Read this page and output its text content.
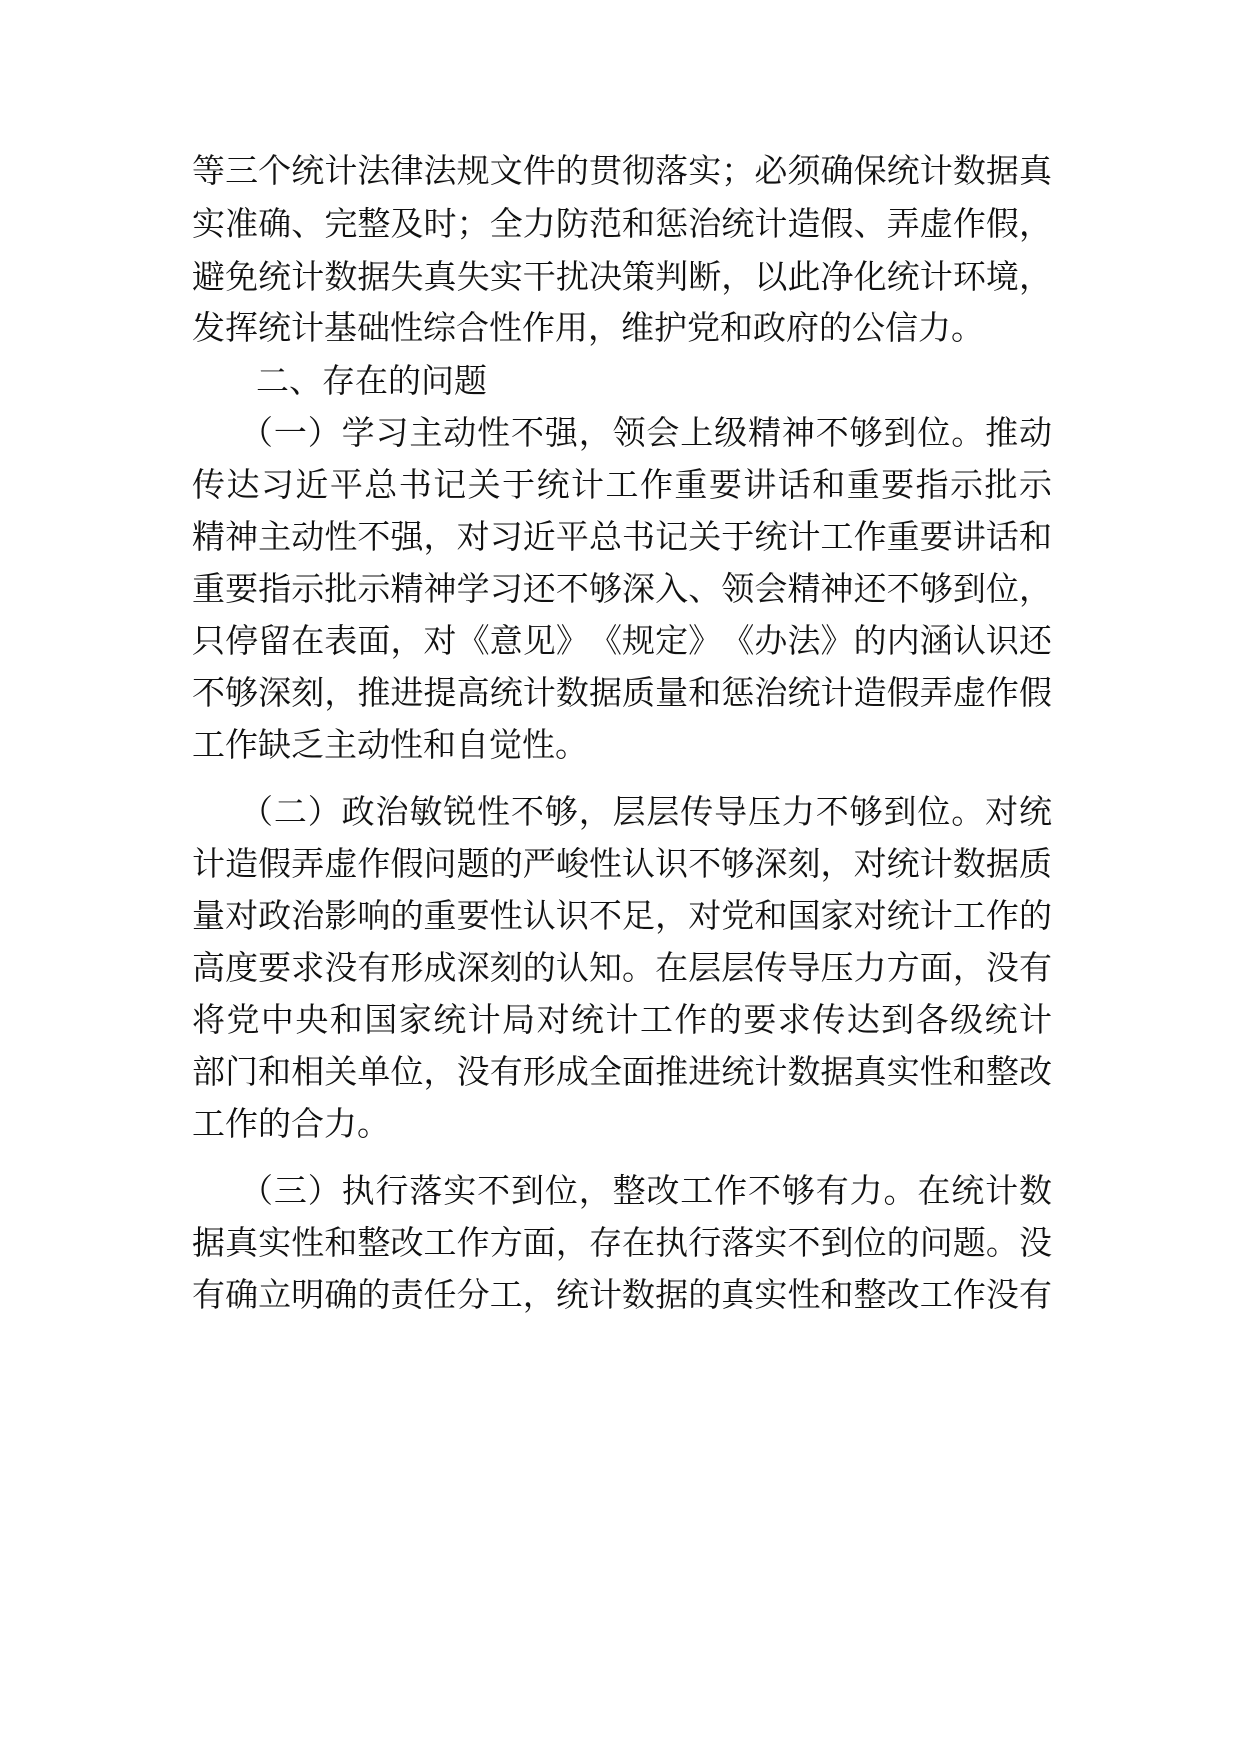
等三个统计法律法规文件的贯彻落实；必须确保统计数据真
实准确、完整及时；全力防范和惩治统计造假、弄虚作假，
避免统计数据失真失实干扰决策判断，以此净化统计环境，
发挥统计基础性综合性作用，维护党和政府的公信力。
二、存在的问题
（一）学习主动性不强，领会上级精神不够到位。推动
传达习近平总书记关于统计工作重要讲话和重要指示批示
精神主动性不强，对习近平总书记关于统计工作重要讲话和
重要指示批示精神学习还不够深入、领会精神还不够到位，
只停留在表面，对《意见》　《规定》　《办法》的内涵认识还
不够深刻，推进提高统计数据质量和惩治统计造假弄虚作假
工作缺乏主动性和自觉性。
（二）政治敏锐性不够，层层传导压力不够到位。对统
计造假弄虚作假问题的严峻性认识不够深刻，对统计数据质
量对政治影响的重要性认识不足，对党和国家对统计工作的
高度要求没有形成深刻的认知。在层层传导压力方面，没有
将党中央和国家统计局对统计工作的要求传达到各级统计
部门和相关单位，没有形成全面推进统计数据真实性和整改
工作的合力。
（三）执行落实不到位，整改工作不够有力。在统计数
据真实性和整改工作方面，存在执行落实不到位的问题。没
有确立明确的责任分工，统计数据的真实性和整改工作没有
